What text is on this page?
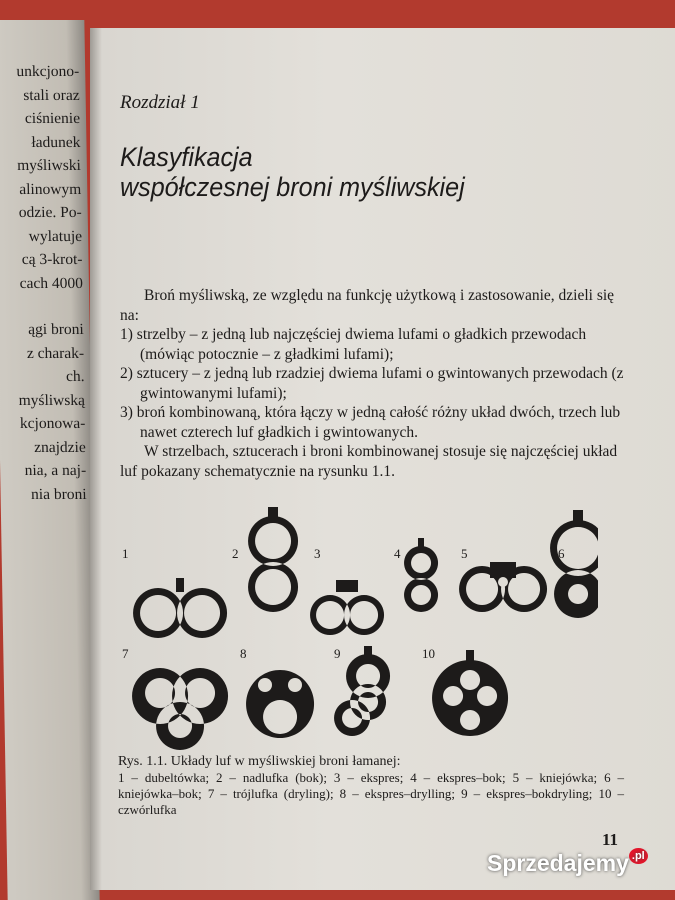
unkcjono-
stali oraz
ciśnienie
ładunek
myśliwski
alinowym
odzie. Po-
wylatuje
cą 3-krot-
cach 4000
ągi broni
z charak-
ch.
myśliwską
kcjonowa-
znajdzie
nia, a naj-
nia broni
Rozdział 1
Klasyfikacja
współczesnej broni myśliwskiej

Broń myśliwską, ze względu na funkcję użytkową i zastosowanie, dzieli się na:

1) strzelby – z jedną lub najczęściej dwiema lufami o gładkich przewodach (mówiąc potocznie – z gładkimi lufami);

2) sztucery – z jedną lub rzadziej dwiema lufami o gwintowanych przewodach (z gwintowanymi lufami);

3) broń kombinowaną, która łączy w jedną całość różny układ dwóch, trzech lub nawet czterech luf gładkich i gwintowanych.

W strzelbach, sztucerach i broni kombinowanej stosuje się najczęściej układ luf pokazany schematycznie na rysunku 1.1.

1	2	3	4	5	6
7	8	9	10
Rys. 1.1. Układy luf w myśliwskiej broni łamanej:
1 – dubeltówka; 2 – nadlufka (bok); 3 – ekspres; 4 – ekspres–bok; 5 – kniejówka; 6 – kniejówka–bok; 7 – trójlufka (dryling); 8 – ekspres–drylling; 9 – ekspres–bokdryling; 10 – czwórlufka
11
Sprzedajemy $^{.pl}$
